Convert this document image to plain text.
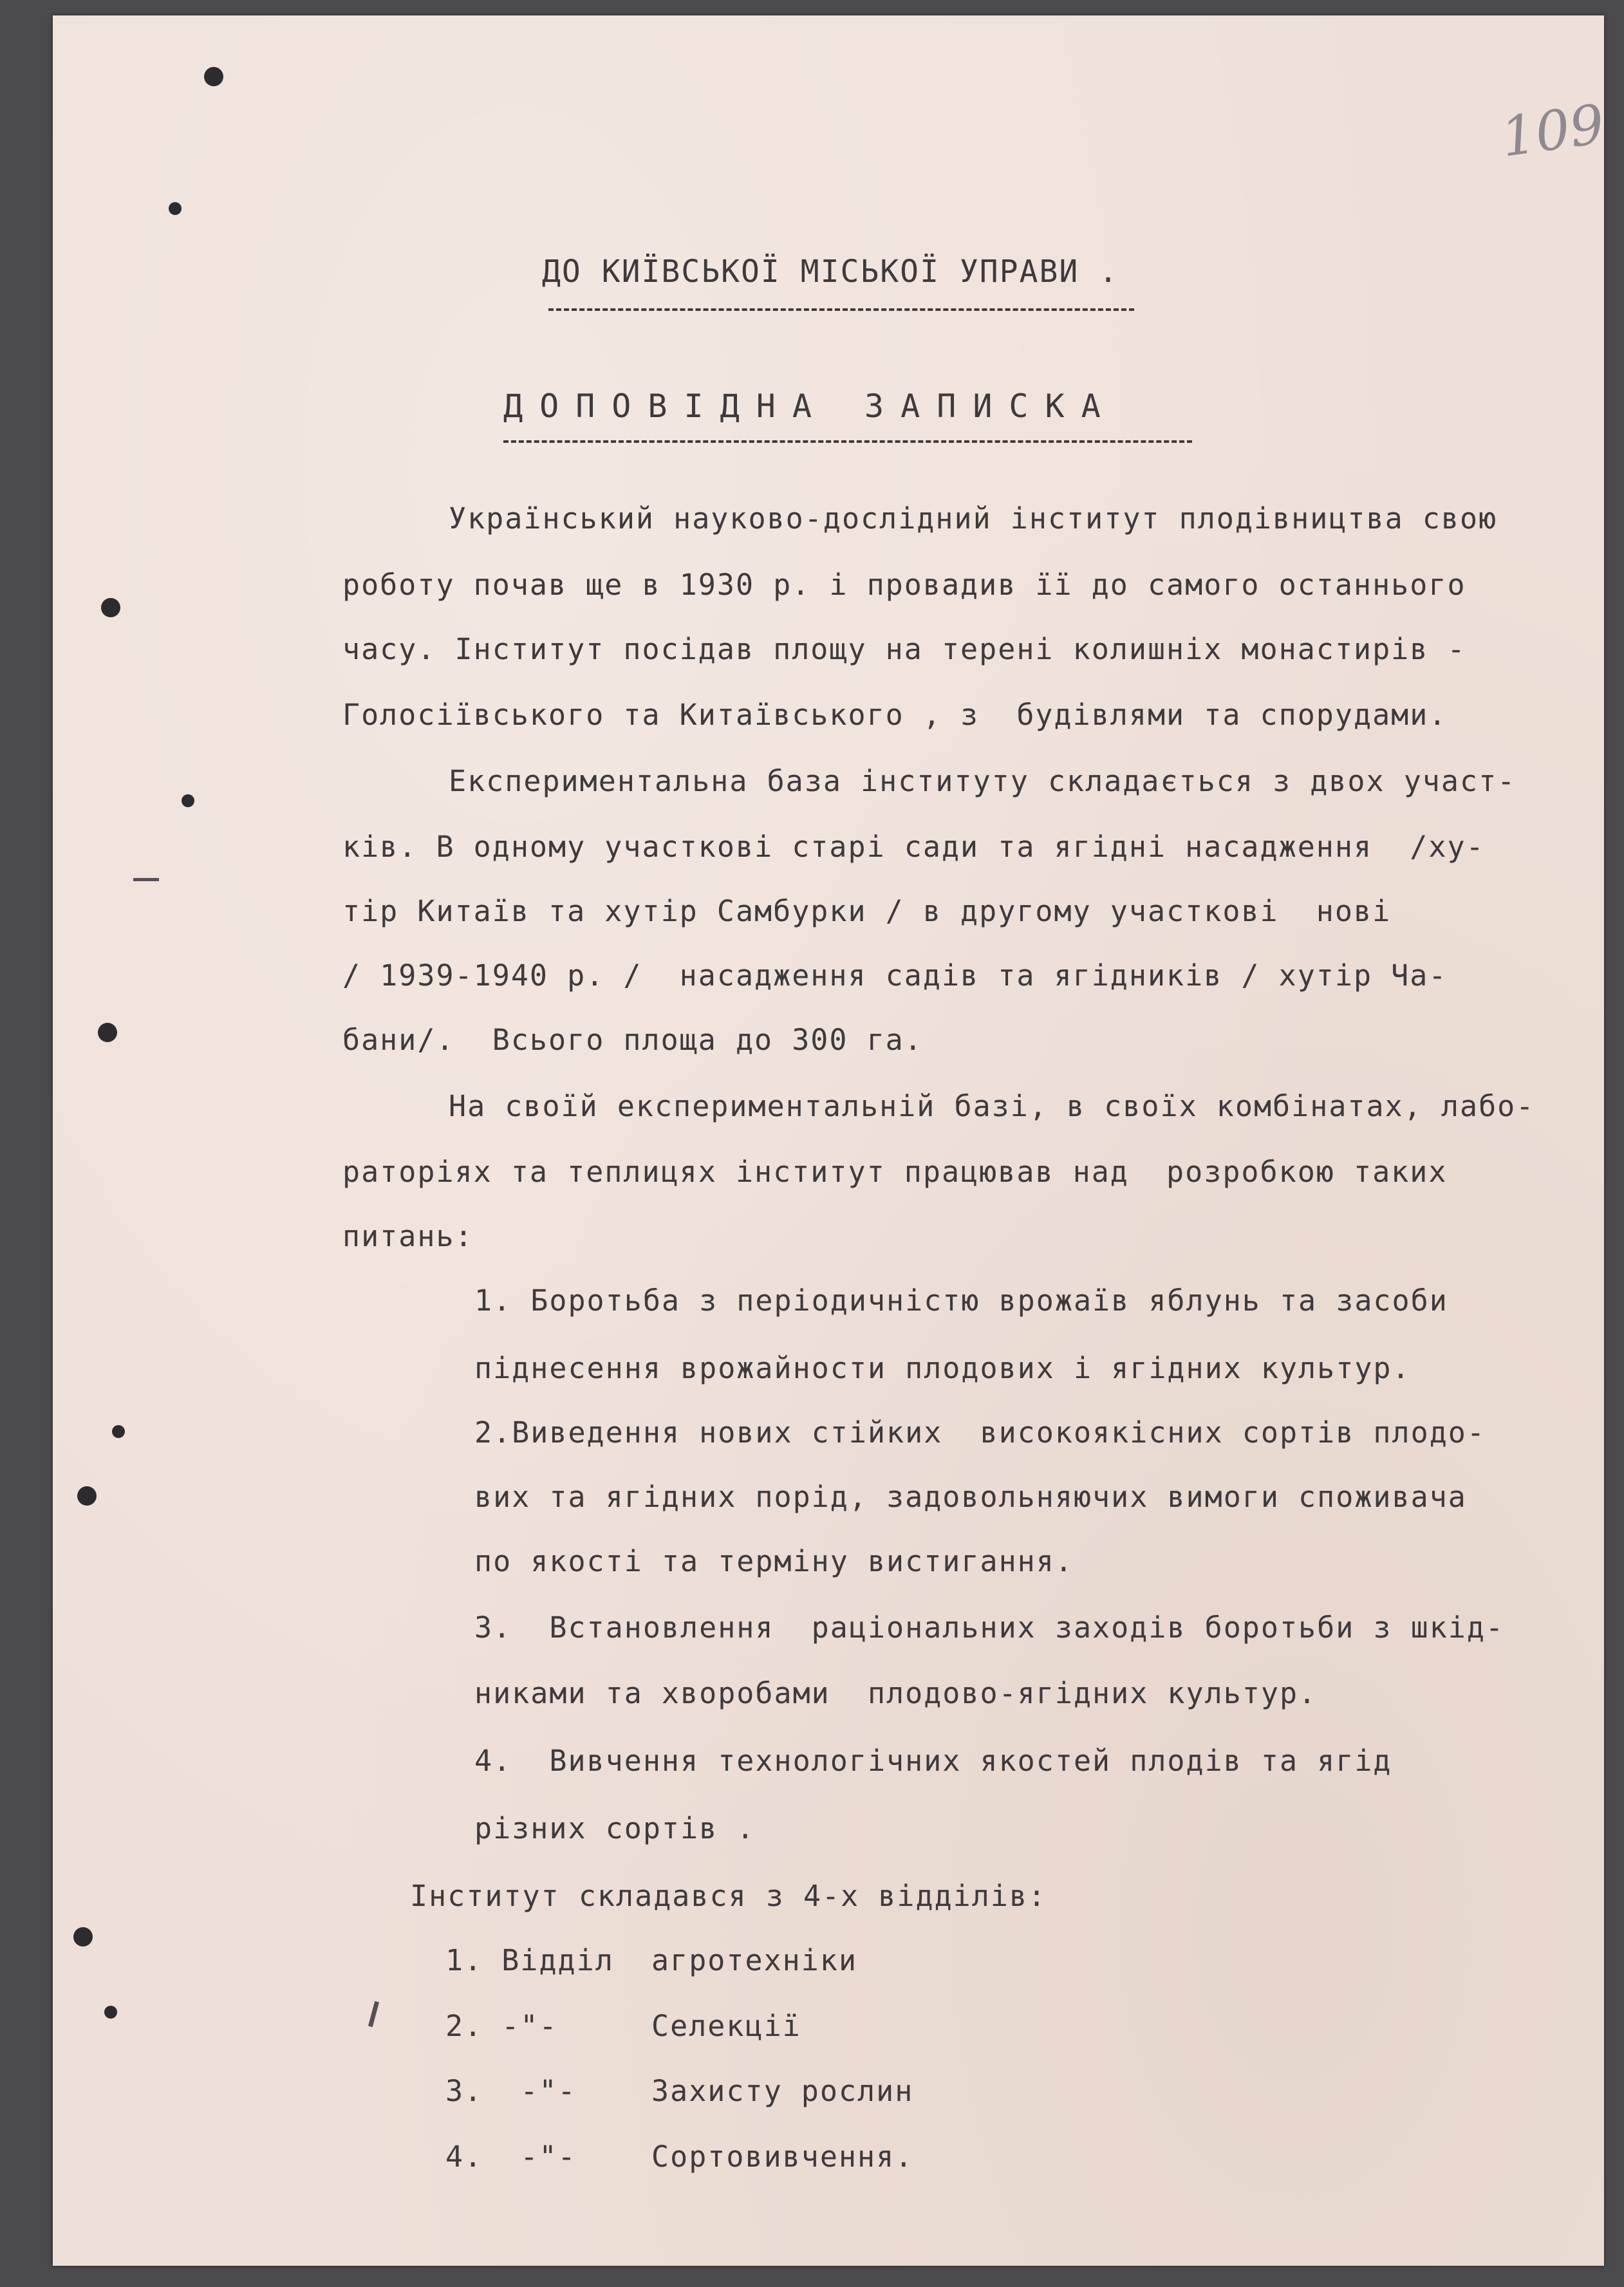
109
ДО КИЇВСЬКОЇ МІСЬКОЇ УПРАВИ .
ДОПОВІДНА ЗАПИСКА
Український науково-дослідний інститут плодівництва свою
роботу почав ще в 1930 р. і провадив її до самого останнього
часу. Інститут посідав площу на терені колишніх монастирів -
Голосіївського та Китаївського , з  будівлями та спорудами.
Експериментальна база інституту складається з двох участ-
ків. В одному участкові старі сади та ягідні насадження  /ху-
тір Китаїв та хутір Самбурки / в другому участкові  нові
/ 1939-1940 р. /  насадження садів та ягідників / хутір Ча-
бани/.  Всього площа до 300 га.
На своїй експериментальній базі, в своїх комбінатах, лабо-
раторіях та теплицях інститут працював над  розробкою таких
питань:
1. Боротьба з періодичністю врожаїв яблунь та засоби
піднесення врожайности плодових і ягідних культур.
2.Виведення нових стійких  високоякісних сортів плодо-
вих та ягідних порід, задовольняючих вимоги споживача
по якості та терміну вистигання.
3.  Встановлення  раціональних заходів боротьби з шкід-
никами та хворобами  плодово-ягідних культур.
4.  Вивчення технологічних якостей плодів та ягід
різних сортів .
Інститут складався з 4-х відділів:
1. Відділ  агротехніки
2. -"-     Селекції
3.  -"-    Захисту рослин
4.  -"-    Сортовивчення.
